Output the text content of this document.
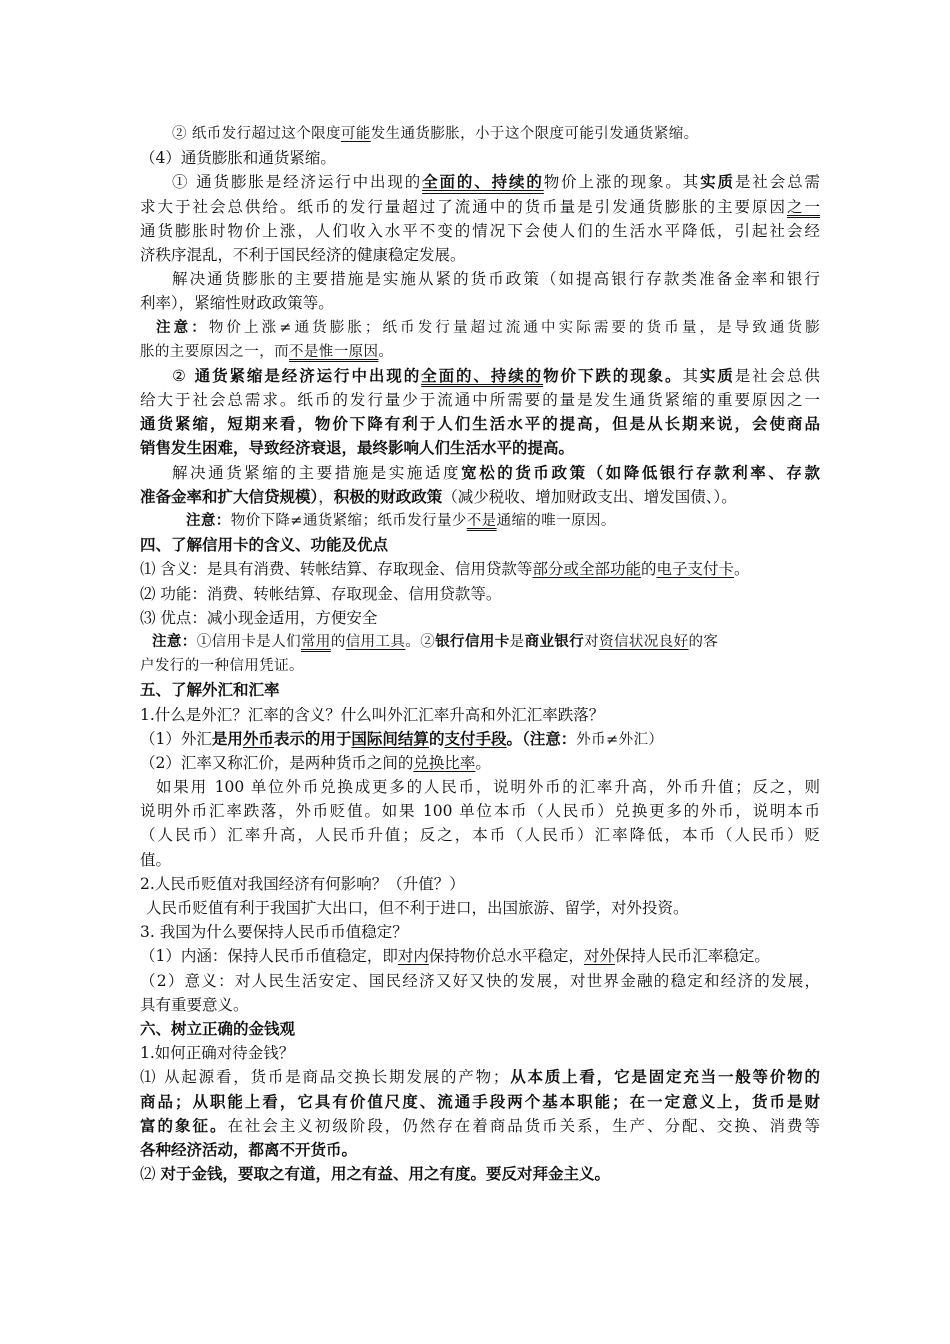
② 纸币发行超过这个限度可能发生通货膨胀，小于这个限度可能引发通货紧缩。
（4）通货膨胀和通货紧缩。
① 通货膨胀是经济运行中出现的全面的、持续的物价上涨的现象。其实质是社会总需
求大于社会总供给。纸币的发行量超过了流通中的货币量是引发通货膨胀的主要原因之一
通货膨胀时物价上涨，人们收入水平不变的情况下会使人们的生活水平降低，引起社会经
济秩序混乱，不利于国民经济的健康稳定发展。
解决通货膨胀的主要措施是实施从紧的货币政策（如提高银行存款类准备金率和银行
利率），紧缩性财政政策等。
注意：物价上涨≠通货膨胀；纸币发行量超过流通中实际需要的货币量，是导致通货膨
胀的主要原因之一，而不是惟一原因。
② 通货紧缩是经济运行中出现的全面的、持续的物价下跌的现象。其实质是社会总供
给大于社会总需求。纸币的发行量少于流通中所需要的量是发生通货紧缩的重要原因之一
通货紧缩，短期来看，物价下降有利于人们生活水平的提高，但是从长期来说，会使商品
销售发生困难，导致经济衰退，最终影响人们生活水平的提高。
解决通货紧缩的主要措施是实施适度宽松的货币政策（如降低银行存款利率、存款
准备金率和扩大信贷规模），积极的财政政策（减少税收、增加财政支出、增发国债、）。
注意：物价下降≠通货紧缩；纸币发行量少不是通缩的唯一原因。
四、了解信用卡的含义、功能及优点
⑴ 含义：是具有消费、转帐结算、存取现金、信用贷款等部分或全部功能的电子支付卡。
⑵ 功能：消费、转帐结算、存取现金、信用贷款等。
⑶ 优点：减小现金适用，方便安全
注意：①信用卡是人们常用的信用工具。②银行信用卡是商业银行对资信状况良好的客
户发行的一种信用凭证。
五、了解外汇和汇率
1.什么是外汇？汇率的含义？什么叫外汇汇率升高和外汇汇率跌落？
（1）外汇是用外币表示的用于国际间结算的支付手段。（注意：外币≠外汇）
（2）汇率又称汇价，是两种货币之间的兑换比率。
如果用 100 单位外币兑换成更多的人民币，说明外币的汇率升高，外币升值；反之，则
说明外币汇率跌落，外币贬值。如果 100 单位本币（人民币）兑换更多的外币，说明本币
（人民币）汇率升高，人民币升值；反之，本币（人民币）汇率降低，本币（人民币）贬
值。
2.人民币贬值对我国经济有何影响？（升值？）
人民币贬值有利于我国扩大出口，但不利于进口，出国旅游、留学，对外投资。
3. 我国为什么要保持人民币币值稳定？
（1）内涵：保持人民币币值稳定，即对内保持物价总水平稳定，对外保持人民币汇率稳定。
（2）意义：对人民生活安定、国民经济又好又快的发展，对世界金融的稳定和经济的发展，
具有重要意义。
六、树立正确的金钱观
1.如何正确对待金钱？
⑴ 从起源看，货币是商品交换长期发展的产物；从本质上看，它是固定充当一般等价物的
商品；从职能上看，它具有价值尺度、流通手段两个基本职能；在一定意义上，货币是财
富的象征。在社会主义初级阶段，仍然存在着商品货币关系，生产、分配、交换、消费等
各种经济活动，都离不开货币。
⑵ 对于金钱，要取之有道，用之有益、用之有度。要反对拜金主义。
